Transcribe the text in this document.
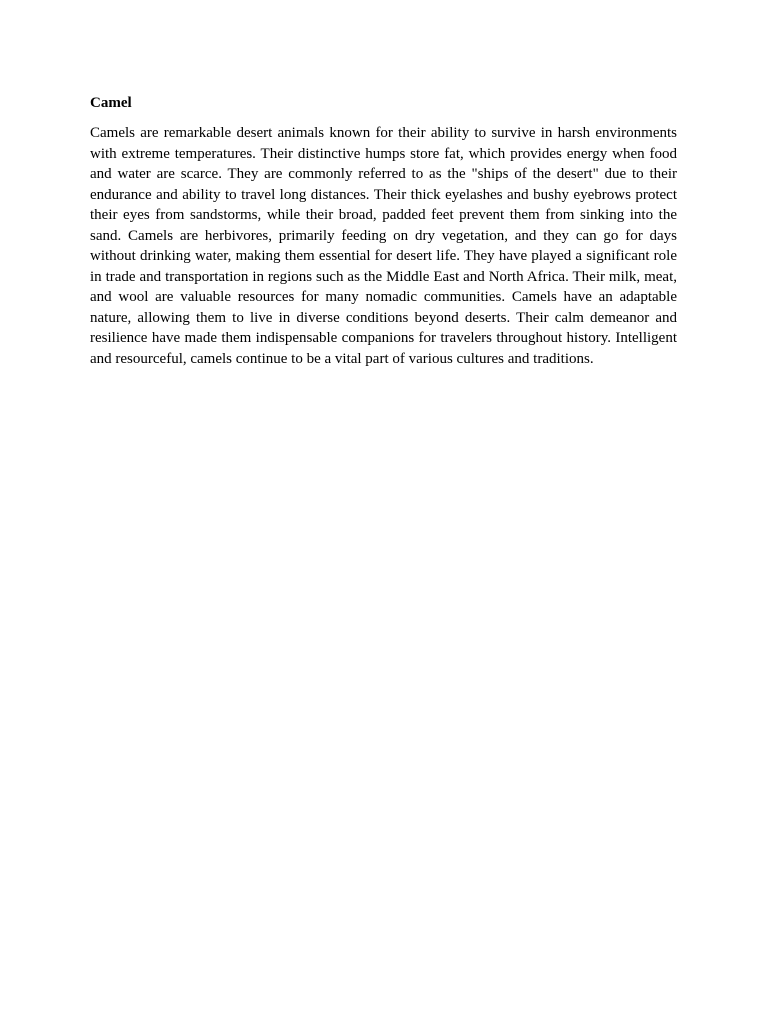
Camel

Camels are remarkable desert animals known for their ability to survive in harsh environments with extreme temperatures. Their distinctive humps store fat, which provides energy when food and water are scarce. They are commonly referred to as the "ships of the desert" due to their endurance and ability to travel long distances. Their thick eyelashes and bushy eyebrows protect their eyes from sandstorms, while their broad, padded feet prevent them from sinking into the sand. Camels are herbivores, primarily feeding on dry vegetation, and they can go for days without drinking water, making them essential for desert life. They have played a significant role in trade and transportation in regions such as the Middle East and North Africa. Their milk, meat, and wool are valuable resources for many nomadic communities. Camels have an adaptable nature, allowing them to live in diverse conditions beyond deserts. Their calm demeanor and resilience have made them indispensable companions for travelers throughout history. Intelligent and resourceful, camels continue to be a vital part of various cultures and traditions.
